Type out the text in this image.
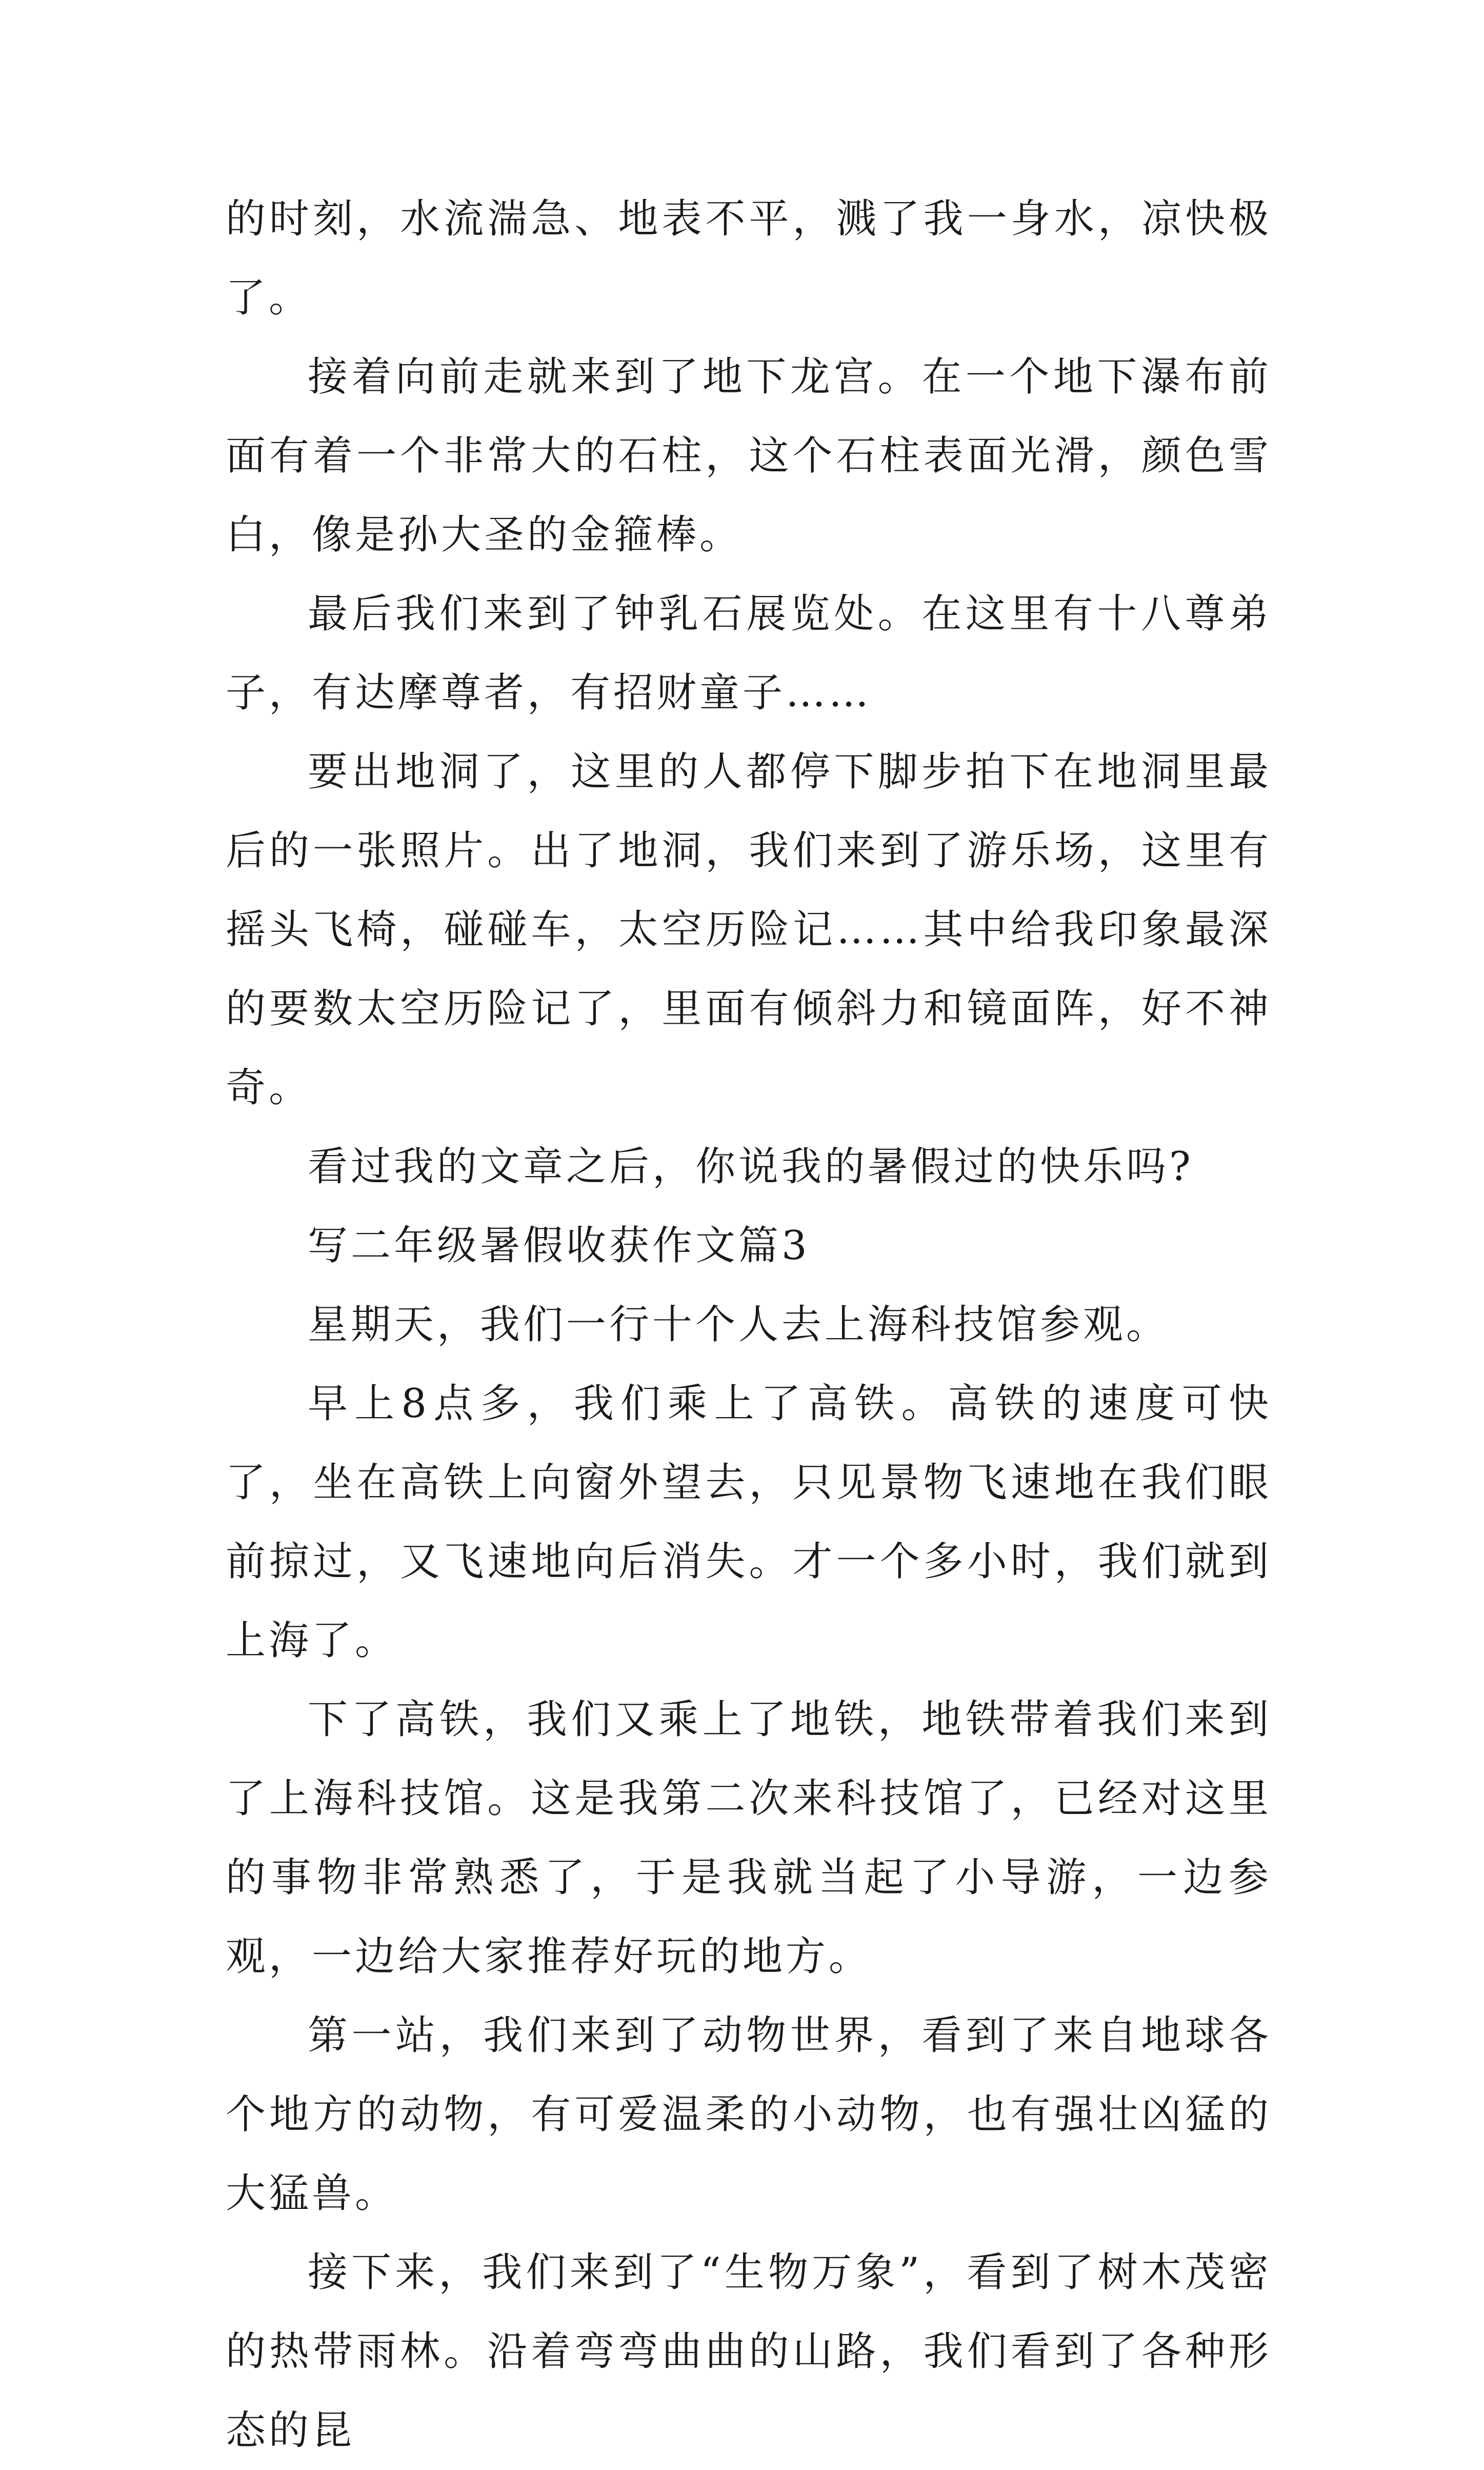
的时刻，水流湍急、地表不平，溅了我一身水，凉快极了。

接着向前走就来到了地下龙宫。在一个地下瀑布前面有着一个非常大的石柱，这个石柱表面光滑，颜色雪白，像是孙大圣的金箍棒。

最后我们来到了钟乳石展览处。在这里有十八尊弟子，有达摩尊者，有招财童子……

要出地洞了，这里的人都停下脚步拍下在地洞里最后的一张照片。出了地洞，我们来到了游乐场，这里有摇头飞椅，碰碰车，太空历险记……其中给我印象最深的要数太空历险记了，里面有倾斜力和镜面阵，好不神奇。

看过我的文章之后，你说我的暑假过的快乐吗?

写二年级暑假收获作文篇3

星期天，我们一行十个人去上海科技馆参观。

早上8点多，我们乘上了高铁。高铁的速度可快了，坐在高铁上向窗外望去，只见景物飞速地在我们眼前掠过，又飞速地向后消失。才一个多小时，我们就到上海了。

下了高铁，我们又乘上了地铁，地铁带着我们来到了上海科技馆。这是我第二次来科技馆了，已经对这里的事物非常熟悉了，于是我就当起了小导游，一边参观，一边给大家推荐好玩的地方。

第一站，我们来到了动物世界，看到了来自地球各个地方的动物，有可爱温柔的小动物，也有强壮凶猛的大猛兽。

接下来，我们来到了“生物万象”，看到了树木茂密的热带雨林。沿着弯弯曲曲的山路，我们看到了各种形态的昆
